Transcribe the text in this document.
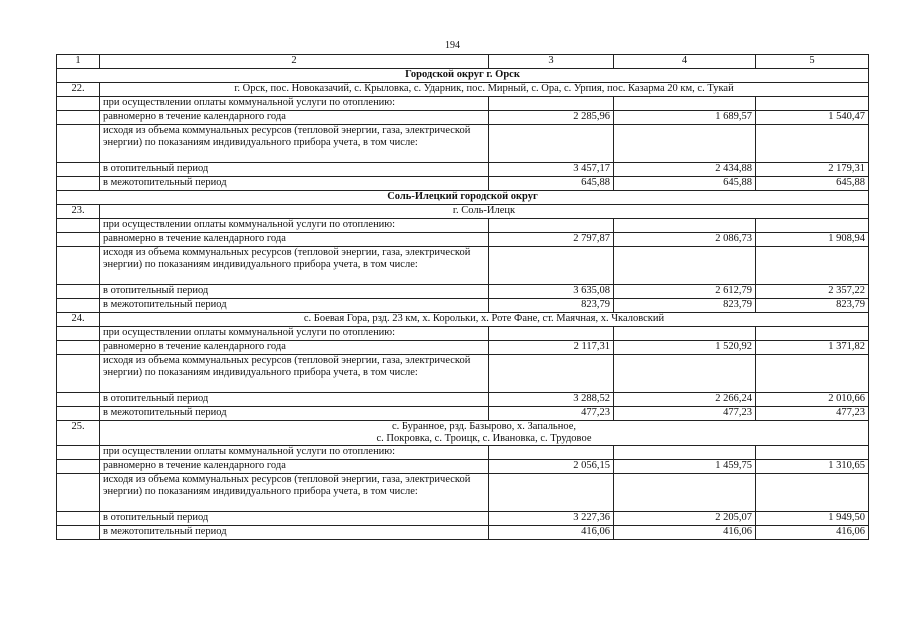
194
1	2	3	4	5
Городской округ г. Орск				
22.	г. Орск, пос. Новоказачий, с. Крыловка, с. Ударник, пос. Мирный, с. Ора, с. Урпия, пос. Казарма 20 км, с. Тукай			
	при осуществлении оплаты коммунальной услуги по отоплению:			
	равномерно в течение календарного года	2 285,96	1 689,57	1 540,47
	исходя из объема коммунальных ресурсов (тепловой энергии, газа, электрической энергии) по показаниям индивидуального прибора учета, в том числе:			
	в отопительный период	3 457,17	2 434,88	2 179,31
	в межотопительный период	645,88	645,88	645,88
Соль-Илецкий городской округ				
23.	г. Соль-Илецк			
	при осуществлении оплаты коммунальной услуги по отоплению:			
	равномерно в течение календарного года	2 797,87	2 086,73	1 908,94
	исходя из объема коммунальных ресурсов (тепловой энергии, газа, электрической энергии) по показаниям индивидуального прибора учета, в том числе:			
	в отопительный период	3 635,08	2 612,79	2 357,22
	в межотопительный период	823,79	823,79	823,79
24.	с. Боевая Гора, рзд. 23 км, х. Корольки, х. Роте Фане, ст. Маячная, х. Чкаловский			
	при осуществлении оплаты коммунальной услуги по отоплению:			
	равномерно в течение календарного года	2 117,31	1 520,92	1 371,82
	исходя из объема коммунальных ресурсов (тепловой энергии, газа, электрической энергии) по показаниям индивидуального прибора учета, в том числе:			
	в отопительный период	3 288,52	2 266,24	2 010,66
	в межотопительный период	477,23	477,23	477,23
25.	с. Буранное, рзд. Базырово, х. Запальное,
с. Покровка, с. Троицк, с. Ивановка, с. Трудовое			

	при осуществлении оплаты коммунальной услуги по отоплению:			
	равномерно в течение календарного года	2 056,15	1 459,75	1 310,65
	исходя из объема коммунальных ресурсов (тепловой энергии, газа, электрической энергии) по показаниям индивидуального прибора учета, в том числе:			
	в отопительный период	3 227,36	2 205,07	1 949,50
	в межотопительный период	416,06	416,06	416,06
